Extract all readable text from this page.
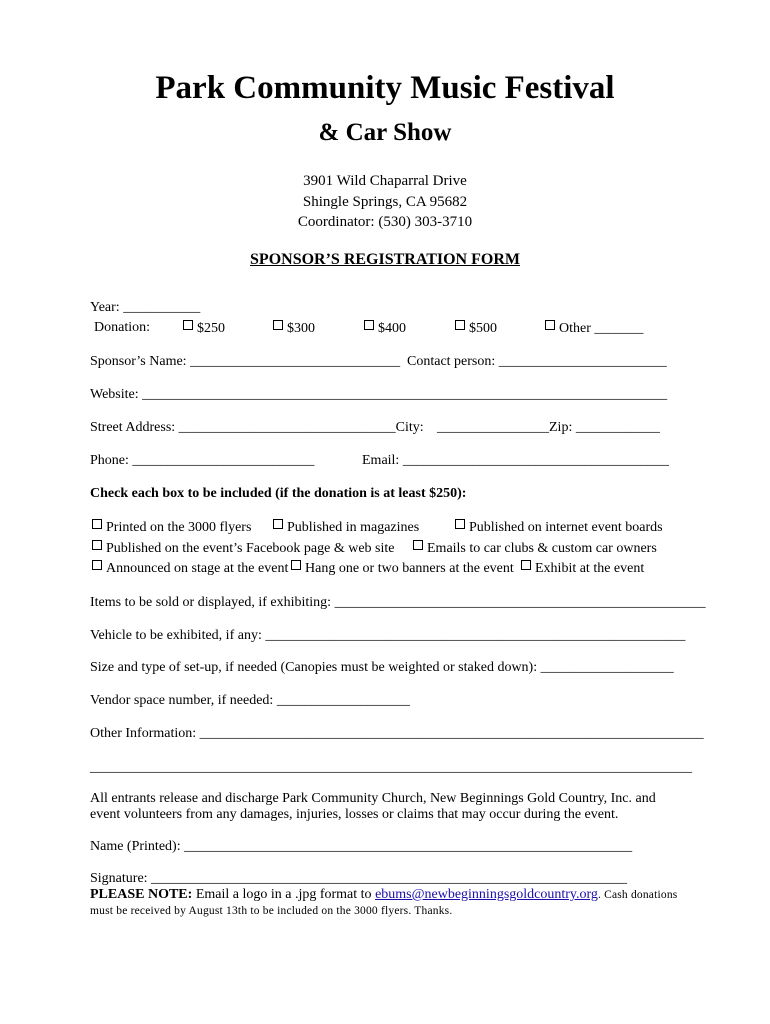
Park Community Music Festival
& Car Show
3901 Wild Chaparral Drive
Shingle Springs, CA 95682
Coordinator: (530) 303-3710
SPONSOR’S REGISTRATION FORM
Year: ___________
Donation:	$250	$300	$400	$500	Other _______
Sponsor’s Name: ______________________________ Contact person: ________________________
Website: ___________________________________________________________________________
Street Address: _______________________________City: ________________Zip: ____________
Phone: __________________________	Email: ______________________________________
Check each box to be included (if the donation is at least $250):
Printed on the 3000 flyers	Published in magazines	Published on internet event boards
Published on the event’s Facebook page & web site	Emails to car clubs & custom car owners
Announced on stage at the event	Hang one or two banners at the event	Exhibit at the event
Items to be sold or displayed, if exhibiting: _____________________________________________________
Vehicle to be exhibited, if any: ____________________________________________________________
Size and type of set-up, if needed (Canopies must be weighted or staked down): ___________________
Vendor space number, if needed: ___________________
Other Information: ________________________________________________________________________
______________________________________________________________________________________
All entrants release and discharge Park Community Church, New Beginnings Gold Country, Inc. and
event volunteers from any damages, injuries, losses or claims that may occur during the event.
Name (Printed): ________________________________________________________________
Signature: ____________________________________________________________________
PLEASE NOTE: Email a logo in a .jpg format to ebums@newbeginningsgoldcountry.org. Cash donations
must be received by August 13th to be included on the 3000 flyers. Thanks.
